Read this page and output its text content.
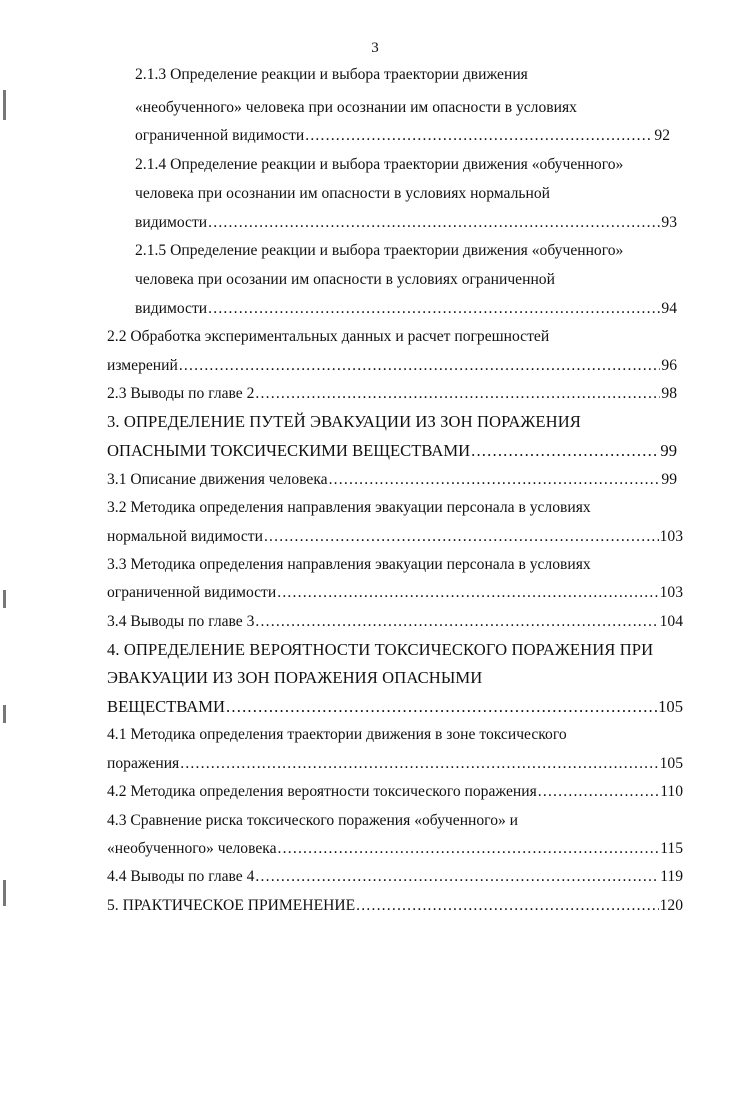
3
2.1.3 Определение реакции и выбора траектории движения
«необученного» человека при осознании им опасности в условиях
ограниченной видимости .....	92
2.1.4 Определение реакции и выбора траектории движения «обученного»
человека при осознании им опасности в условиях нормальной
видимости .....	93
2.1.5 Определение реакции и выбора траектории движения «обученного»
человека при осозании им опасности в условиях ограниченной
видимости .....	94
2.2 Обработка экспериментальных данных и расчет погрешностей
измерений .....	96
2.3 Выводы по главе 2 .....	98
3. ОПРЕДЕЛЕНИЕ ПУТЕЙ ЭВАКУАЦИИ ИЗ ЗОН ПОРАЖЕНИЯ
ОПАСНЫМИ ТОКСИЧЕСКИМИ ВЕЩЕСТВАМИ .....	99
3.1 Описание движения человека .....	99
3.2 Методика определения направления эвакуации персонала в условиях
нормальной видимости .....	103
3.3 Методика определения направления эвакуации персонала в условиях
ограниченной видимости .....	103
3.4 Выводы по главе 3 .....	104
4. ОПРЕДЕЛЕНИЕ ВЕРОЯТНОСТИ ТОКСИЧЕСКОГО ПОРАЖЕНИЯ ПРИ
ЭВАКУАЦИИ ИЗ ЗОН ПОРАЖЕНИЯ ОПАСНЫМИ
ВЕЩЕСТВАМИ .....	105
4.1 Методика определения траектории движения в зоне токсического
поражения .....	105
4.2 Методика определения вероятности токсического поражения .....	110
4.3 Сравнение риска токсического поражения «обученного» и
«необученного» человека .....	115
4.4 Выводы по главе 4 .....	119
5. ПРАКТИЧЕСКОЕ ПРИМЕНЕНИЕ .....	120
